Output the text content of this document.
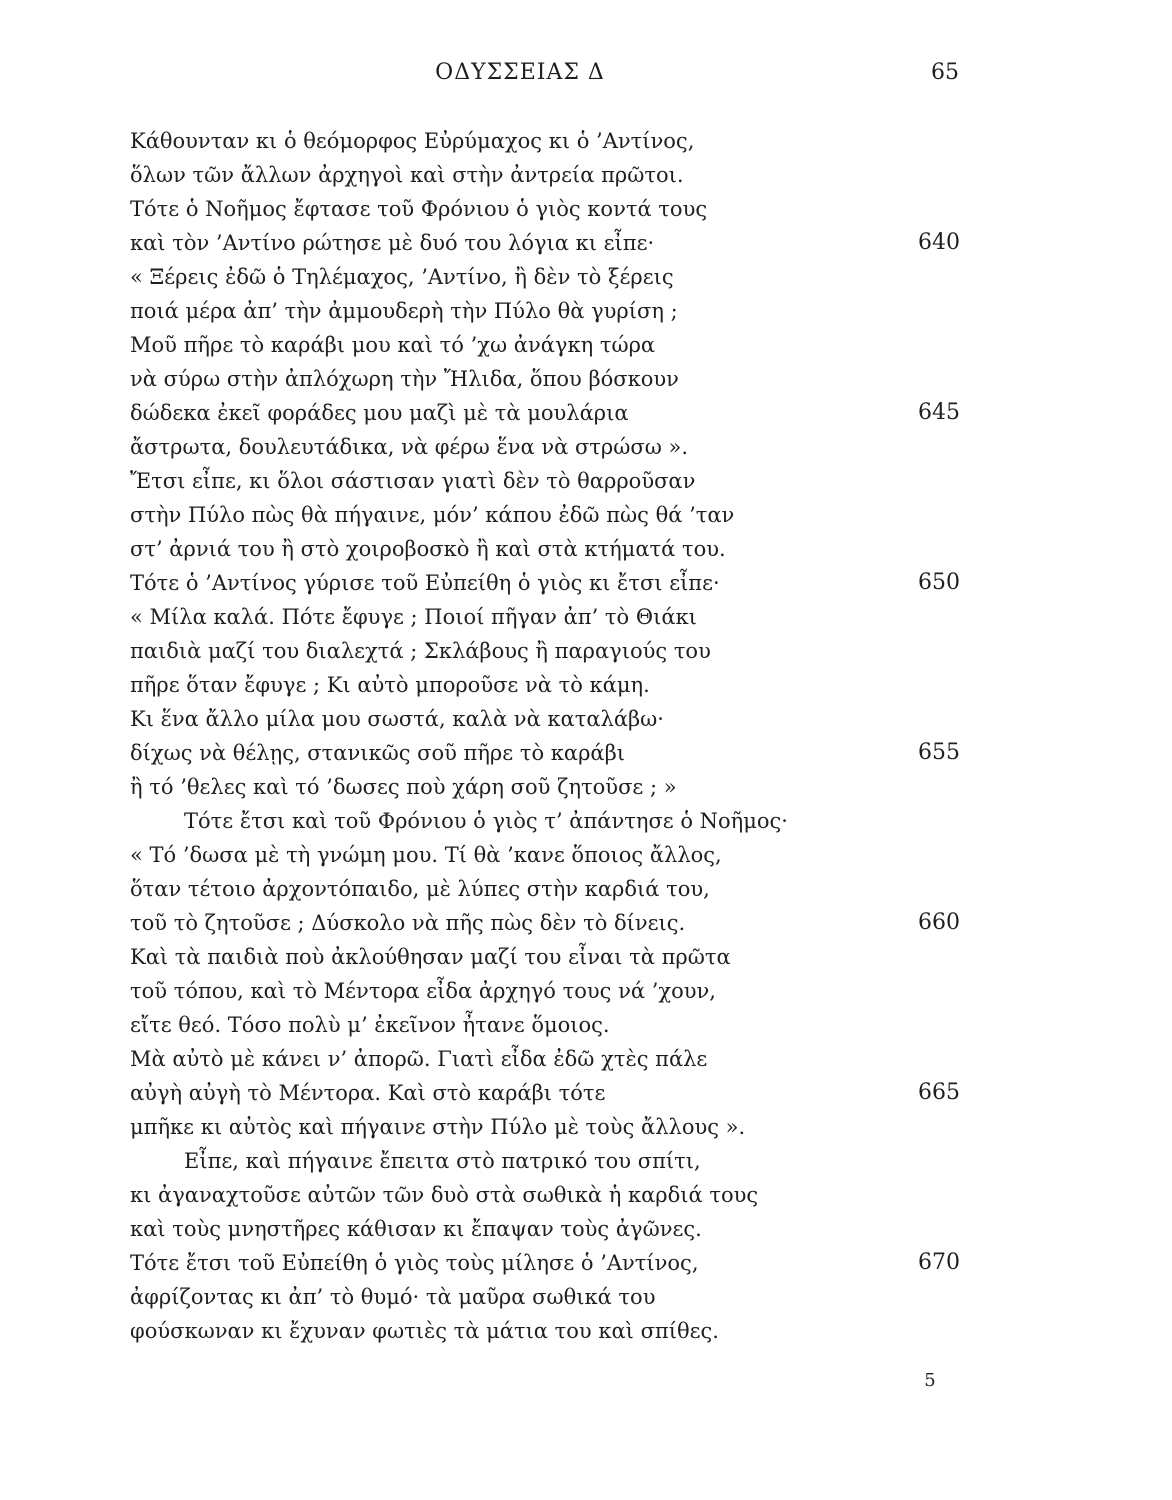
ΟΔΥΣΣΕΙΑΣ Δ	65
Κάθουνταν κι ὁ θεόμορφος Εὐρύμαχος κι ὁ ’Αντίνος,
ὅλων τῶν ἄλλων ἀρχηγοὶ καὶ στὴν ἀντρεία πρῶτοι.
Τότε ὁ Νοῆμος ἔφτασε τοῦ Φρόνιου ὁ γιὸς κοντά τους
καὶ τὸν ’Αντίνο ρώτησε μὲ δυό του λόγια κι εἶπε·	640
« Ξέρεις ἐδῶ ὁ Τηλέμαχος, ’Αντίνο, ἢ δὲν τὸ ξέρεις
ποιά μέρα ἀπ’ τὴν ἀμμουδερὴ τὴν Πύλο θὰ γυρίση ;
Μοῦ πῆρε τὸ καράβι μου καὶ τό ’χω ἀνάγκη τώρα
νὰ σύρω στὴν ἀπλόχωρη τὴν Ἤλιδα, ὅπου βόσκουν
δώδεκα ἐκεῖ φοράδες μου μαζὶ μὲ τὰ μουλάρια	645
ἄστρωτα, δουλευτάδικα, νὰ φέρω ἕνα νὰ στρώσω ».
Ἔτσι εἶπε, κι ὅλοι σάστισαν γιατὶ δὲν τὸ θαρροῦσαν
στὴν Πύλο πὼς θὰ πήγαινε, μόν’ κάπου ἐδῶ πὼς θά ’ταν
στ’ ἀρνιά του ἢ στὸ χοιροβοσκὸ ἢ καὶ στὰ κτήματά του.
Τότε ὁ ’Αντίνος γύρισε τοῦ Εὐπείθη ὁ γιὸς κι ἔτσι εἶπε·	650
« Μίλα καλά. Πότε ἔφυγε ; Ποιοί πῆγαν ἀπ’ τὸ Θιάκι
παιδιὰ μαζί του διαλεχτά ; Σκλάβους ἢ παραγιούς του
πῆρε ὅταν ἔφυγε ; Κι αὐτὸ μποροῦσε νὰ τὸ κάμη.
Κι ἕνα ἄλλο μίλα μου σωστά, καλὰ νὰ καταλάβω·
δίχως νὰ θέλῃς, στανικῶς σοῦ πῆρε τὸ καράβι	655
ἢ τό ’θελες καὶ τό ’δωσες ποὺ χάρη σοῦ ζητοῦσε ; »
Τότε ἔτσι καὶ τοῦ Φρόνιου ὁ γιὸς τ’ ἀπάντησε ὁ Νοῆμος·
« Τό ’δωσα μὲ τὴ γνώμη μου. Τί θὰ ’κανε ὅποιος ἄλλος,
ὅταν τέτοιο ἀρχοντόπαιδο, μὲ λύπες στὴν καρδιά του,
τοῦ τὸ ζητοῦσε ; Δύσκολο νὰ πῆς πὼς δὲν τὸ δίνεις.	660
Καὶ τὰ παιδιὰ ποὺ ἀκλούθησαν μαζί του εἶναι τὰ πρῶτα
τοῦ τόπου, καὶ τὸ Μέντορα εἶδα ἀρχηγό τους νά ’χουν,
εἴτε θεό. Τόσο πολὺ μ’ ἐκεῖνον ἦτανε ὅμοιος.
Μὰ αὐτὸ μὲ κάνει ν’ ἀπορῶ. Γιατὶ εἶδα ἐδῶ χτὲς πάλε
αὐγὴ αὐγὴ τὸ Μέντορα. Καὶ στὸ καράβι τότε	665
μπῆκε κι αὐτὸς καὶ πήγαινε στὴν Πύλο μὲ τοὺς ἄλλους ».
Εἶπε, καὶ πήγαινε ἔπειτα στὸ πατρικό του σπίτι,
κι ἀγαναχτοῦσε αὐτῶν τῶν δυὸ στὰ σωθικὰ ἡ καρδιά τους
καὶ τοὺς μνηστῆρες κάθισαν κι ἔπαψαν τοὺς ἀγῶνες.
Τότε ἔτσι τοῦ Εὐπείθη ὁ γιὸς τοὺς μίλησε ὁ ’Αντίνος,	670
ἀφρίζοντας κι ἀπ’ τὸ θυμό· τὰ μαῦρα σωθικά του
φούσκωναν κι ἔχυναν φωτιὲς τὰ μάτια του καὶ σπίθες.
5
